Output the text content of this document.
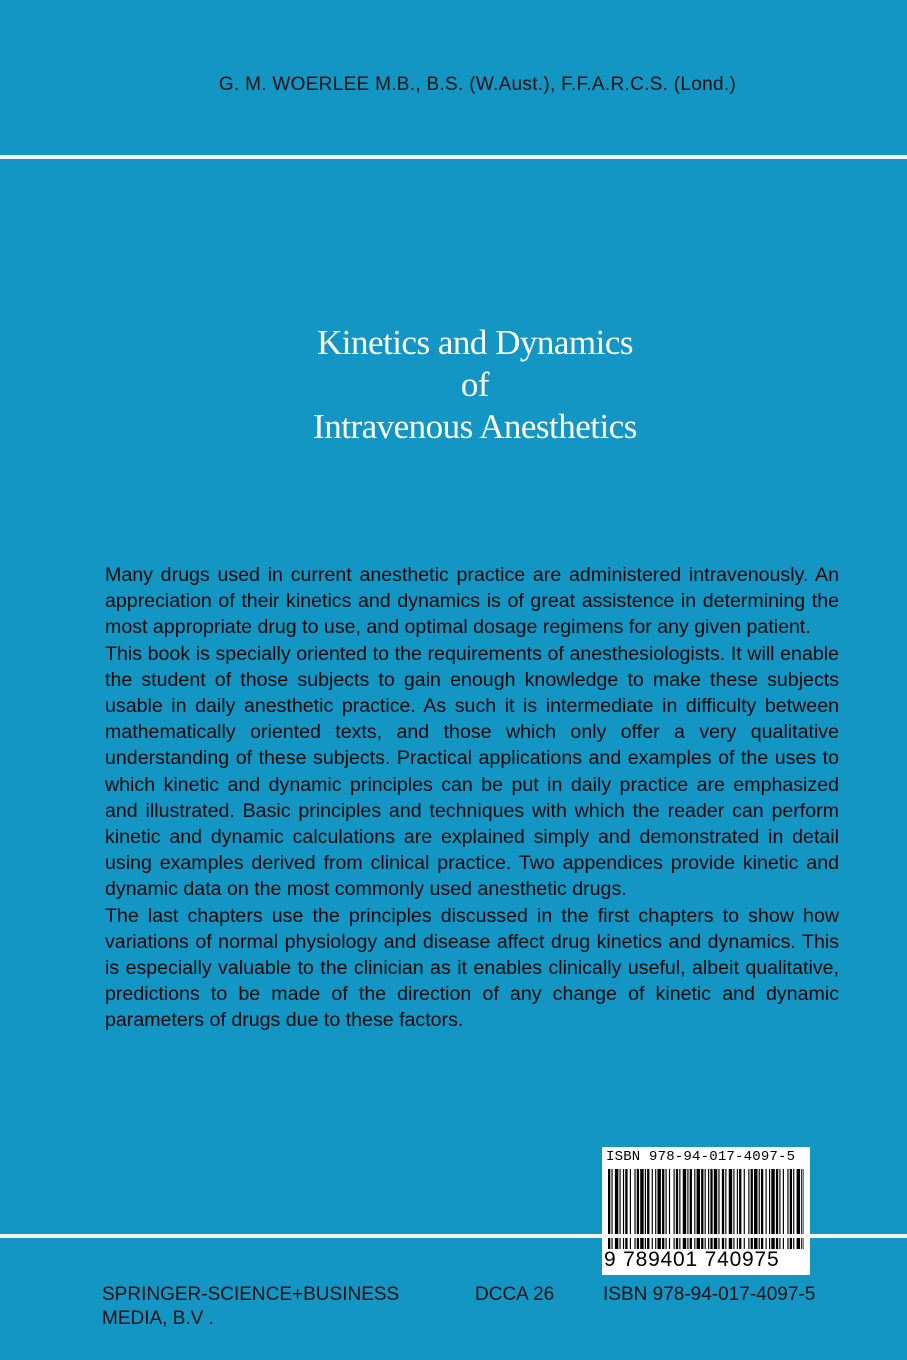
G. M. WOERLEE M.B., B.S. (W.Aust.), F.F.A.R.C.S. (Lond.)
Kinetics and Dynamics
of
Intravenous Anesthetics

Many drugs used in current anesthetic practice are administered intravenously. An appreciation of their kinetics and dynamics is of great assistence in determining the most appropriate drug to use, and optimal dosage regimens for any given patient.

This book is specially oriented to the requirements of anesthesiologists. It will enable the student of those subjects to gain enough knowledge to make these subjects usable in daily anesthetic practice. As such it is intermediate in difficulty between mathematically oriented texts, and those which only offer a very qualitative understanding of these subjects. Practical applications and examples of the uses to which kinetic and dynamic principles can be put in daily practice are emphasized and illustrated. Basic principles and techniques with which the reader can perform kinetic and dynamic calculations are explained simply and demonstrated in detail using examples derived from clinical practice. Two appendices provide kinetic and dynamic data on the most commonly used anesthetic drugs.

The last chapters use the principles discussed in the first chapters to show how variations of normal physiology and disease affect drug kinetics and dynamics. This is especially valuable to the clinician as it enables clinically useful, albeit qualitative, predictions to be made of the direction of any change of kinetic and dynamic parameters of drugs due to these factors.

ISBN 978-94-017-4097-5
9 789401 740975
SPRINGER-SCIENCE+BUSINESS
MEDIA, B.V .
DCCA 26	ISBN 978-94-017-4097-5
